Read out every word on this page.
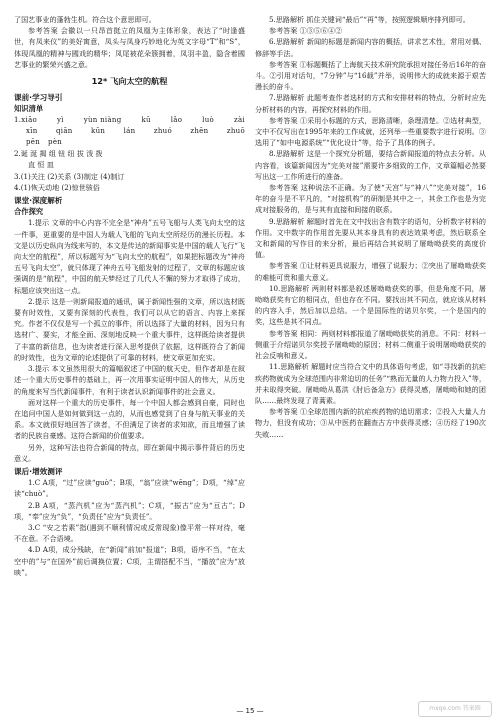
了国艺事业的蓬勃生机。符合这个意思即可。

参考答案 会徽以一只昂首挺立的凤凰为主体形象，表达了“时逢盛世，有凤来仪”的美好寓意，凤头与凤身巧妙地化为英文字母“T”和“S”，体现凤凰的精神与國戏的精华；凤尾被花朵簇拥着，凤羽丰盈，隐含着國艺事业的繁荣兴盛之意。

12* 飞向太空的航程
课前·学习导引
知识清单
1.xiāo	yì	yùn niàng	kū	lǎo	luò	zài
xīn	qiān	kūn	lán	zhuó	zhēn	zhuō
pēn pèn

2.诞 涎 揭 组 钮 纽 拔 泼 拨

直 恒 皿

3.(1)关注 (2)关系 (3)制定 (4)制订

4.(1)恢天动地 (2)惊世骇俗

课堂·深度解析
合作探究

1.提示 文章的中心内容不完全是“神舟”五号飞船与人类飞向太空的这一件事，更重要的是中国人为载人飞船的飞向太空所经历的漫长历程。本文是以历史纵向为线来写的，本文是传达的新闻事实是中国的载人飞行“飞向太空的航程”，所以标题写为“飞向太空的航程”，如果把标题改为“神舟五号飞向太空”，就只体现了神舟五号飞船发射的过程了，文章的标题应该强调的是“航程”，中国的航天梦经过了几代人不懈的努力才取得了成功，标题应该突出这一点。

2.提示 这是一则新闻报道的通讯，属于新闻性强的文章，所以选材既要有时效性，又要有深刻的代表性，我们可以从它的语言、内容上来探究。作者不仅仅是写一个孤立的事件，所以选择了大量的材料，因为只有选材广、要实，才能全面、深刻地反映一个重大事件，这样既给读者提供了丰富的新信息，也为读者进行深入思考提供了依据，这样既符合了新闻的时效性，也为文章的论述提供了可靠的材料，使文章更加充实。

3.提示 本文虽然用很大的篇幅叙述了中国的航天史，但作者却是在叙述一个重大历史事件的基础上，再一次用事实证明中国人的伟大，从历史的角度来写当代新闻事件，有利于读者认识新闻事件的社会意义。

面对这样一个重大的历史事件，每一个中国人都会感到自豪，同时也在追问中国人是如何做到这一点的，从而也感觉到了自身与航天事业的关系。本文就很好地回答了读者，不但满足了读者的求知欲，而且增强了读者的民族自豪感。这符合新闻的价值要求。

另外，这种写法也符合新闻的特点，即在新闻中揭示事件背后的历史意义。

课后·增效测评

1.C A项，“过”应读“guò”；B项，“翁”应读“wēng”；D项，“绰”应读“chuò”。

2.B A项，“蒸汽机”应为“蒸汽机”；C项，“振古”应为“亘古”；D项，“奉”应为“负”，“负责任”应为“负责任”。

3.C “安之若素”指(遇到不顺利情况或反常现象)像平常一样对待，毫不在意。不合语境。

4.D A项，成分残缺，在“新闻”前加“报道”；B项，语序不当，“在太空中的”与“在国外”前后调换位置；C项，主谓搭配不当，“播放”应为“放映”。

5.思路解析 抓住关键词“最后”“再”等，按照逻辑顺序排列即可。

参考答案 ①③⑤⑥④②

6.思路解析 新闻的标题是新闻内容的概括，讲求艺术性，常用对偶、修辞等手法。

参考答案 ①标题概括了上海航天技术研究院承担对接任务后16年的奋斗。②引用对话句，“7分钟”与“16载”并举，说明伟大的成就来源于艰苦漫长的奋斗。

7.思路解析 此题考查作者选材的方式和安排材料的特点，分析时应先分析材料的内容，再探究材料的作用。

参考答案 ①采用小标题的方式，思路清晰，条理清楚。②选材典型，文中不仅写出在1995年来的工作成就，还列举一些重要数字进行说明。③选用了“如中电源系统”“优化设计”等，给予了具体的例子。

8.思路解析 这是一个探究分析题，要结合新闻报道的特点去分析。从内容看，该篇新闻因为“完美对接”需要许多细致的工作，文章篇幅必然要写出这一工作所进行的准备。

参考答案 这种说法不正确。为了使“天宫”与“神八”“完美对接”，16年的奋斗是不平凡的，“对接机构”的研制是其中之一，其余工作也是为完成对接服务的，是与其有直接和间接的联系。

9.思路解析 解题时首先在文中找出含有数字的语句，分析数字材料的作用。文中数字的作用首先要从其本身具有的表达效果考虑，然后联系全文和新闻的写作目的来分析，最后再结合其说明了屠呦呦获奖的高度价值。

参考答案 ①让材料更具说服力，增强了说服力；②突出了屠呦呦获奖的难能可贵和重大意义。

10.思路解析 两则材料都是叙述屠呦呦获奖的事，但是角度不同，屠呦呦获奖有它的相同点，但也存在不同。要找出其不同点，就应该从材料的内容入手，然后加以总结。一个是国际性的诺贝尔奖，一个是国内的奖，这些是其不同点。

参考答案 相同：两则材料都报道了屠呦呦获奖的消息。不同：材料一侧重于介绍诺贝尔奖授予屠呦呦的原因；材料二侧重于说明屠呦呦获奖的社会反响和意义。

11.思路解析 解题时应当符合文中的具体语句考虑，如“寻找新的抗疟疾药物就成为全球范围内非常迫切的任务”“熟而无量的人力物力投入”等，并未取得突破。屠呦呦从葛洪《肘后备急方》获得灵感，屠呦呦和她的团队……最终发现了青蒿素。

参考答案 ①全球范围内新的抗疟疾药物的追切需求；②投入大量人力物力，但没有成功；③从中医药在翻查古方中获得灵感；④历经了190次失败……

— 15 —	mxqe.com 答案圈
